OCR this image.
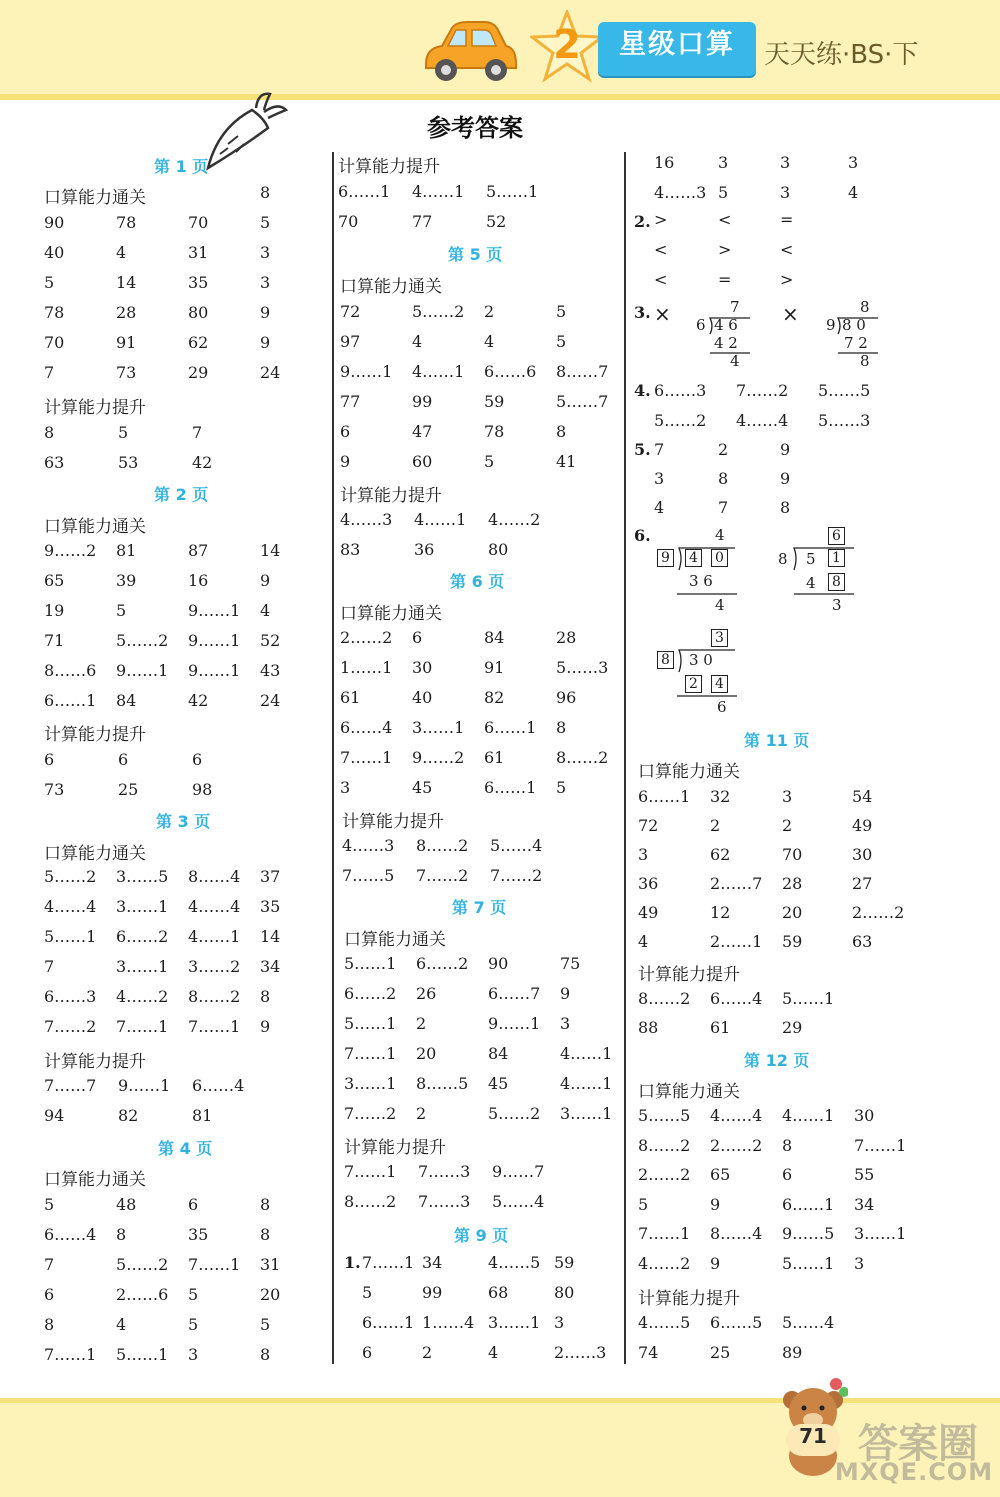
2	星级口算	天天练·BS·下
参考答案
第 1 页
口算能力通关	8
90	78	70	5
40	4	31	3
5	14	35	3
78	28	80	9
70	91	62	9
7	73	29	24
计算能力提升
8	5	7
63	53	42
第 2 页
口算能力通关
9……2 81	87	14
65	39	16	9
19	5	9……1 4
71	5……2 9……1 52
8……6 9……1 9……1 43
6……1 84	42	24
计算能力提升
6	6	6
73	25	98
第 3 页
口算能力通关
5……2 3……5 8……4 37
4……4 3……1 4……4 35
5……1 6……2 4……1 14
7	3……1 3……2 34
6……3 4……2 8……2 8
7……2 7……1 7……1 9
计算能力提升
7……7 9……1 6……4
94	82	81
第 4 页
口算能力通关
5	48	6	8
6……4 8	35	8
7	5……2 7……1 31
6	2……6 5	20
8	4	5	5
7……1 5……1 3	8
计算能力提升
6……1 4……1 5……1
70	77	52
第 5 页
口算能力通关
72	5……2 2	5
97	4	4	5
9……1 4……1 6……6 8……7
77	99	59	5……7
6	47	78	8
9	60	5	41
计算能力提升
4……3 4……1 4……2
83	36	80
第 6 页
口算能力通关
2……2 6	84	28
1……1 30	91	5……3
61	40	82	96
6……4 3……1 6……1 8
7……1 9……2 61	8……2
3	45	6……1 5
计算能力提升
4……3 8……2 5……4
7……5 7……2 7……2
第 7 页
口算能力通关
5……1 6……2 90	75
6……2 26	6……7 9
5……1 2	9……1 3
7……1 20	84	4……1
3……1 8……5 45	4……1
7……2 2	5……2 3……1
计算能力提升
7……1 7……3 9……7
8……2 7……3 5……4
第 9 页
1. 7……1 34	4……5 59
5	99	68	80
6……1 1……4 3……1 3
6	2	4	2……3
16	3	3	3
4……3 5	3	4
2. >	<	=
<	>	<
<	=	>
3.
4. 6……3 7……2 5……5
5……2 4……4 5……3
5. 7	2	9
3	8	9
4	7	8
6.
第 11 页
口算能力通关
6……1 32	3	54
72	2	2	49
3	62	70	30
36	2……7 28	27
49	12	20	2……2
4	2……1 59	63
计算能力提升
8……2 6……4 5……1
88	61	29
第 12 页
口算能力通关
5……5 4……4 4……1 30
8……2 2……2 8	7……1
2……2 65	6	55
5	9	6……1 34
7……1 8……4 9……5 3……1
4……2 9	5……1 3
计算能力提升
4……5 6……5 5……4
74	25	89
7
6 4 6
4 2
4
8
9 8 0
7 2
8
4
9 4 0
3 6
4
6
8 5 1
4 8
3
3
8 3 0
2 4
6
×	×
71 答案圈
MXQE.COM
